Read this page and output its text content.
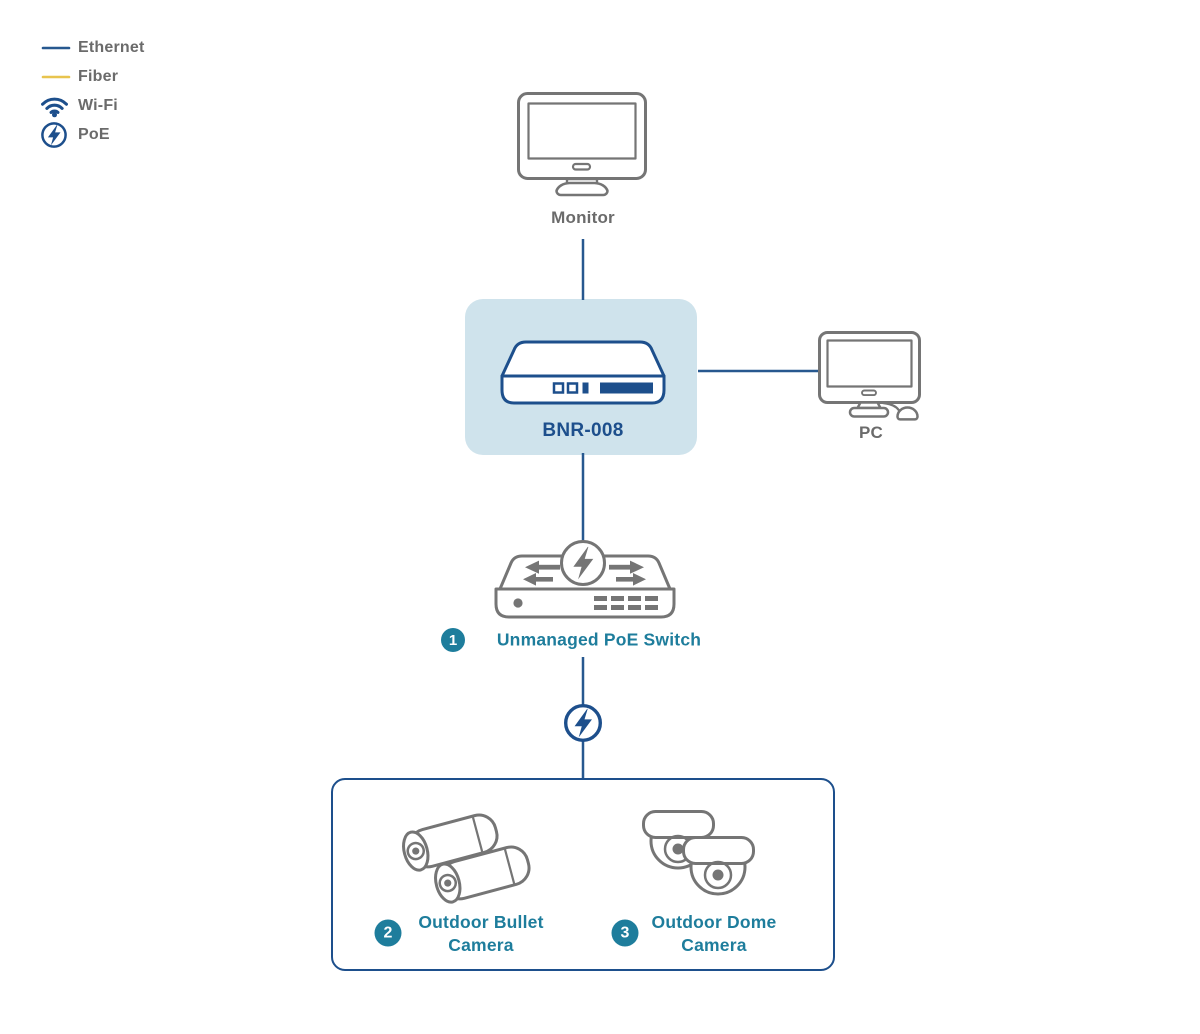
Ethernet
Fiber
Wi-Fi
PoE
Monitor
BNR-008	PC
1	Unmanaged PoE Switch
2
Outdoor Bullet
Camera
3
Outdoor Dome
Camera
